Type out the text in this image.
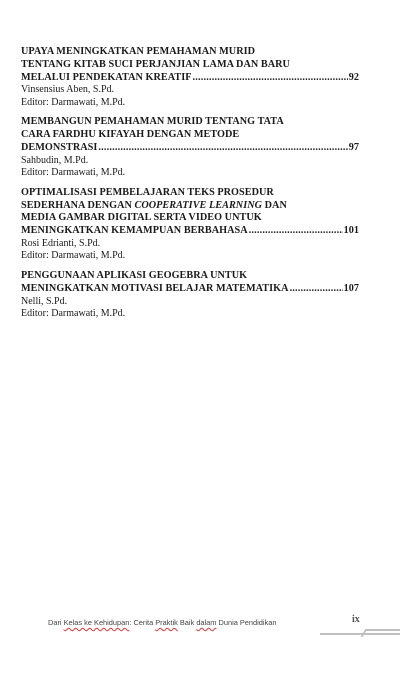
UPAYA MENINGKATKAN PEMAHAMAN MURID
TENTANG KITAB SUCI PERJANJIAN LAMA DAN BARU
MELALUI PENDEKATAN KREATIF .....	92
Vinsensius Aben, S.Pd.
Editor: Darmawati, M.Pd.
MEMBANGUN PEMAHAMAN MURID TENTANG TATA
CARA FARDHU KIFAYAH DENGAN METODE
DEMONSTRASI .....	97
Sahbudin, M.Pd.
Editor: Darmawati, M.Pd.
OPTIMALISASI PEMBELAJARAN TEKS PROSEDUR
SEDERHANA DENGAN COOPERATIVE LEARNING DAN
MEDIA GAMBAR DIGITAL SERTA VIDEO UNTUK
MENINGKATKAN KEMAMPUAN BERBAHASA .....	101
Rosi Edrianti, S.Pd.
Editor: Darmawati, M.Pd.
PENGGUNAAN APLIKASI GEOGEBRA UNTUK
MENINGKATKAN MOTIVASI BELAJAR MATEMATIKA .....	107
Nelli, S.Pd.
Editor: Darmawati, M.Pd.
Dari Kelas ke Kehidupan: Cerita Praktik Baik dalam Dunia Pendidikan	ix
